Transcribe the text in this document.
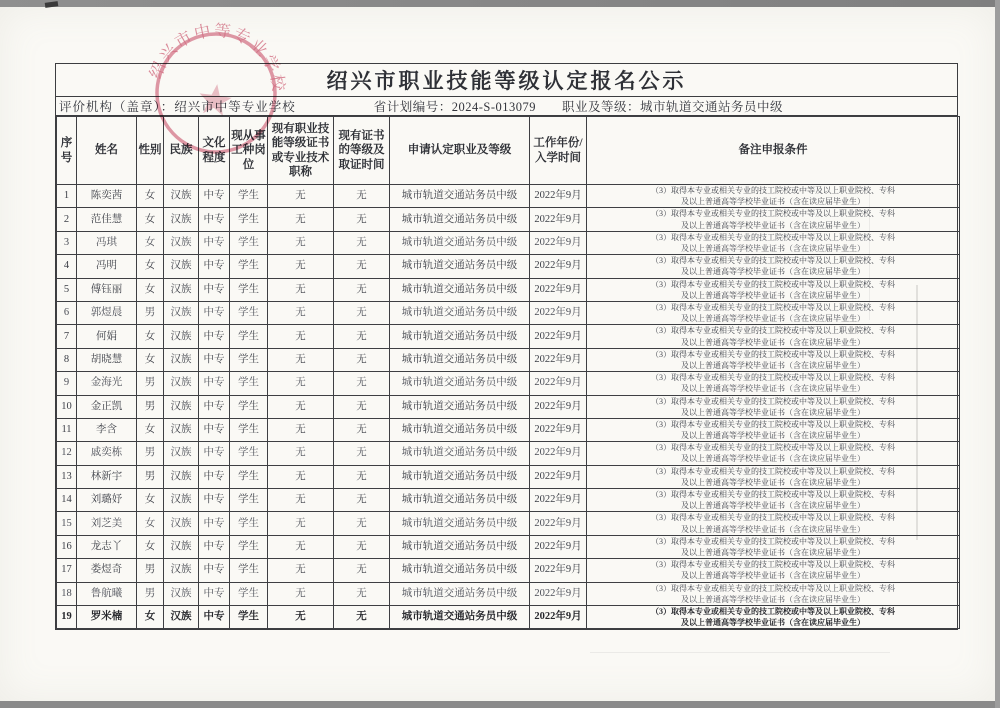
绍兴市中等专业学校	绍兴市职业技能等级认定报名公示
评价机构（盖章）：绍兴市中等专业学校	省计划编号：2024-S-013079 职业及等级：城市轨道交通站务员中级
序号	姓名	性别	民族	文化程度	现从事工种岗位	现有职业技能等级证书或专业技术职称	现有证书的等级及取证时间	申请认定职业及等级	工作年份/入学时间	备注申报条件
1	陈奕茜	女	汉族	中专	学生	无	无	城市轨道交通站务员中级	2022年9月	（3）取得本专业或相关专业的技工院校或中等及以上职业院校、专科
及以上普通高等学校毕业证书（含在读应届毕业生）

2	范佳慧	女	汉族	中专	学生	无	无	城市轨道交通站务员中级	2022年9月	（3）取得本专业或相关专业的技工院校或中等及以上职业院校、专科
及以上普通高等学校毕业证书（含在读应届毕业生）

3	冯琪	女	汉族	中专	学生	无	无	城市轨道交通站务员中级	2022年9月	（3）取得本专业或相关专业的技工院校或中等及以上职业院校、专科
及以上普通高等学校毕业证书（含在读应届毕业生）

4	冯明	女	汉族	中专	学生	无	无	城市轨道交通站务员中级	2022年9月	（3）取得本专业或相关专业的技工院校或中等及以上职业院校、专科
及以上普通高等学校毕业证书（含在读应届毕业生）

5	傅钰丽	女	汉族	中专	学生	无	无	城市轨道交通站务员中级	2022年9月	（3）取得本专业或相关专业的技工院校或中等及以上职业院校、专科
及以上普通高等学校毕业证书（含在读应届毕业生）

6	郭煜晨	男	汉族	中专	学生	无	无	城市轨道交通站务员中级	2022年9月	（3）取得本专业或相关专业的技工院校或中等及以上职业院校、专科
及以上普通高等学校毕业证书（含在读应届毕业生）

7	何娟	女	汉族	中专	学生	无	无	城市轨道交通站务员中级	2022年9月	（3）取得本专业或相关专业的技工院校或中等及以上职业院校、专科
及以上普通高等学校毕业证书（含在读应届毕业生）

8	胡晓慧	女	汉族	中专	学生	无	无	城市轨道交通站务员中级	2022年9月	（3）取得本专业或相关专业的技工院校或中等及以上职业院校、专科
及以上普通高等学校毕业证书（含在读应届毕业生）

9	金海光	男	汉族	中专	学生	无	无	城市轨道交通站务员中级	2022年9月	（3）取得本专业或相关专业的技工院校或中等及以上职业院校、专科
及以上普通高等学校毕业证书（含在读应届毕业生）

10	金正凯	男	汉族	中专	学生	无	无	城市轨道交通站务员中级	2022年9月	（3）取得本专业或相关专业的技工院校或中等及以上职业院校、专科
及以上普通高等学校毕业证书（含在读应届毕业生）

11	李含	女	汉族	中专	学生	无	无	城市轨道交通站务员中级	2022年9月	（3）取得本专业或相关专业的技工院校或中等及以上职业院校、专科
及以上普通高等学校毕业证书（含在读应届毕业生）

12	戚奕栋	男	汉族	中专	学生	无	无	城市轨道交通站务员中级	2022年9月	（3）取得本专业或相关专业的技工院校或中等及以上职业院校、专科
及以上普通高等学校毕业证书（含在读应届毕业生）

13	林新宇	男	汉族	中专	学生	无	无	城市轨道交通站务员中级	2022年9月	（3）取得本专业或相关专业的技工院校或中等及以上职业院校、专科
及以上普通高等学校毕业证书（含在读应届毕业生）

14	刘璐妤	女	汉族	中专	学生	无	无	城市轨道交通站务员中级	2022年9月	（3）取得本专业或相关专业的技工院校或中等及以上职业院校、专科
及以上普通高等学校毕业证书（含在读应届毕业生）

15	刘芝美	女	汉族	中专	学生	无	无	城市轨道交通站务员中级	2022年9月	（3）取得本专业或相关专业的技工院校或中等及以上职业院校、专科
及以上普通高等学校毕业证书（含在读应届毕业生）

16	龙志丫	女	汉族	中专	学生	无	无	城市轨道交通站务员中级	2022年9月	（3）取得本专业或相关专业的技工院校或中等及以上职业院校、专科
及以上普通高等学校毕业证书（含在读应届毕业生）

17	娄煜奇	男	汉族	中专	学生	无	无	城市轨道交通站务员中级	2022年9月	（3）取得本专业或相关专业的技工院校或中等及以上职业院校、专科
及以上普通高等学校毕业证书（含在读应届毕业生）

18	鲁航曦	男	汉族	中专	学生	无	无	城市轨道交通站务员中级	2022年9月	（3）取得本专业或相关专业的技工院校或中等及以上职业院校、专科
及以上普通高等学校毕业证书（含在读应届毕业生）

19	罗米楠	女	汉族	中专	学生	无	无	城市轨道交通站务员中级	2022年9月	（3）取得本专业或相关专业的技工院校或中等及以上职业院校、专科
及以上普通高等学校毕业证书（含在读应届毕业生）
